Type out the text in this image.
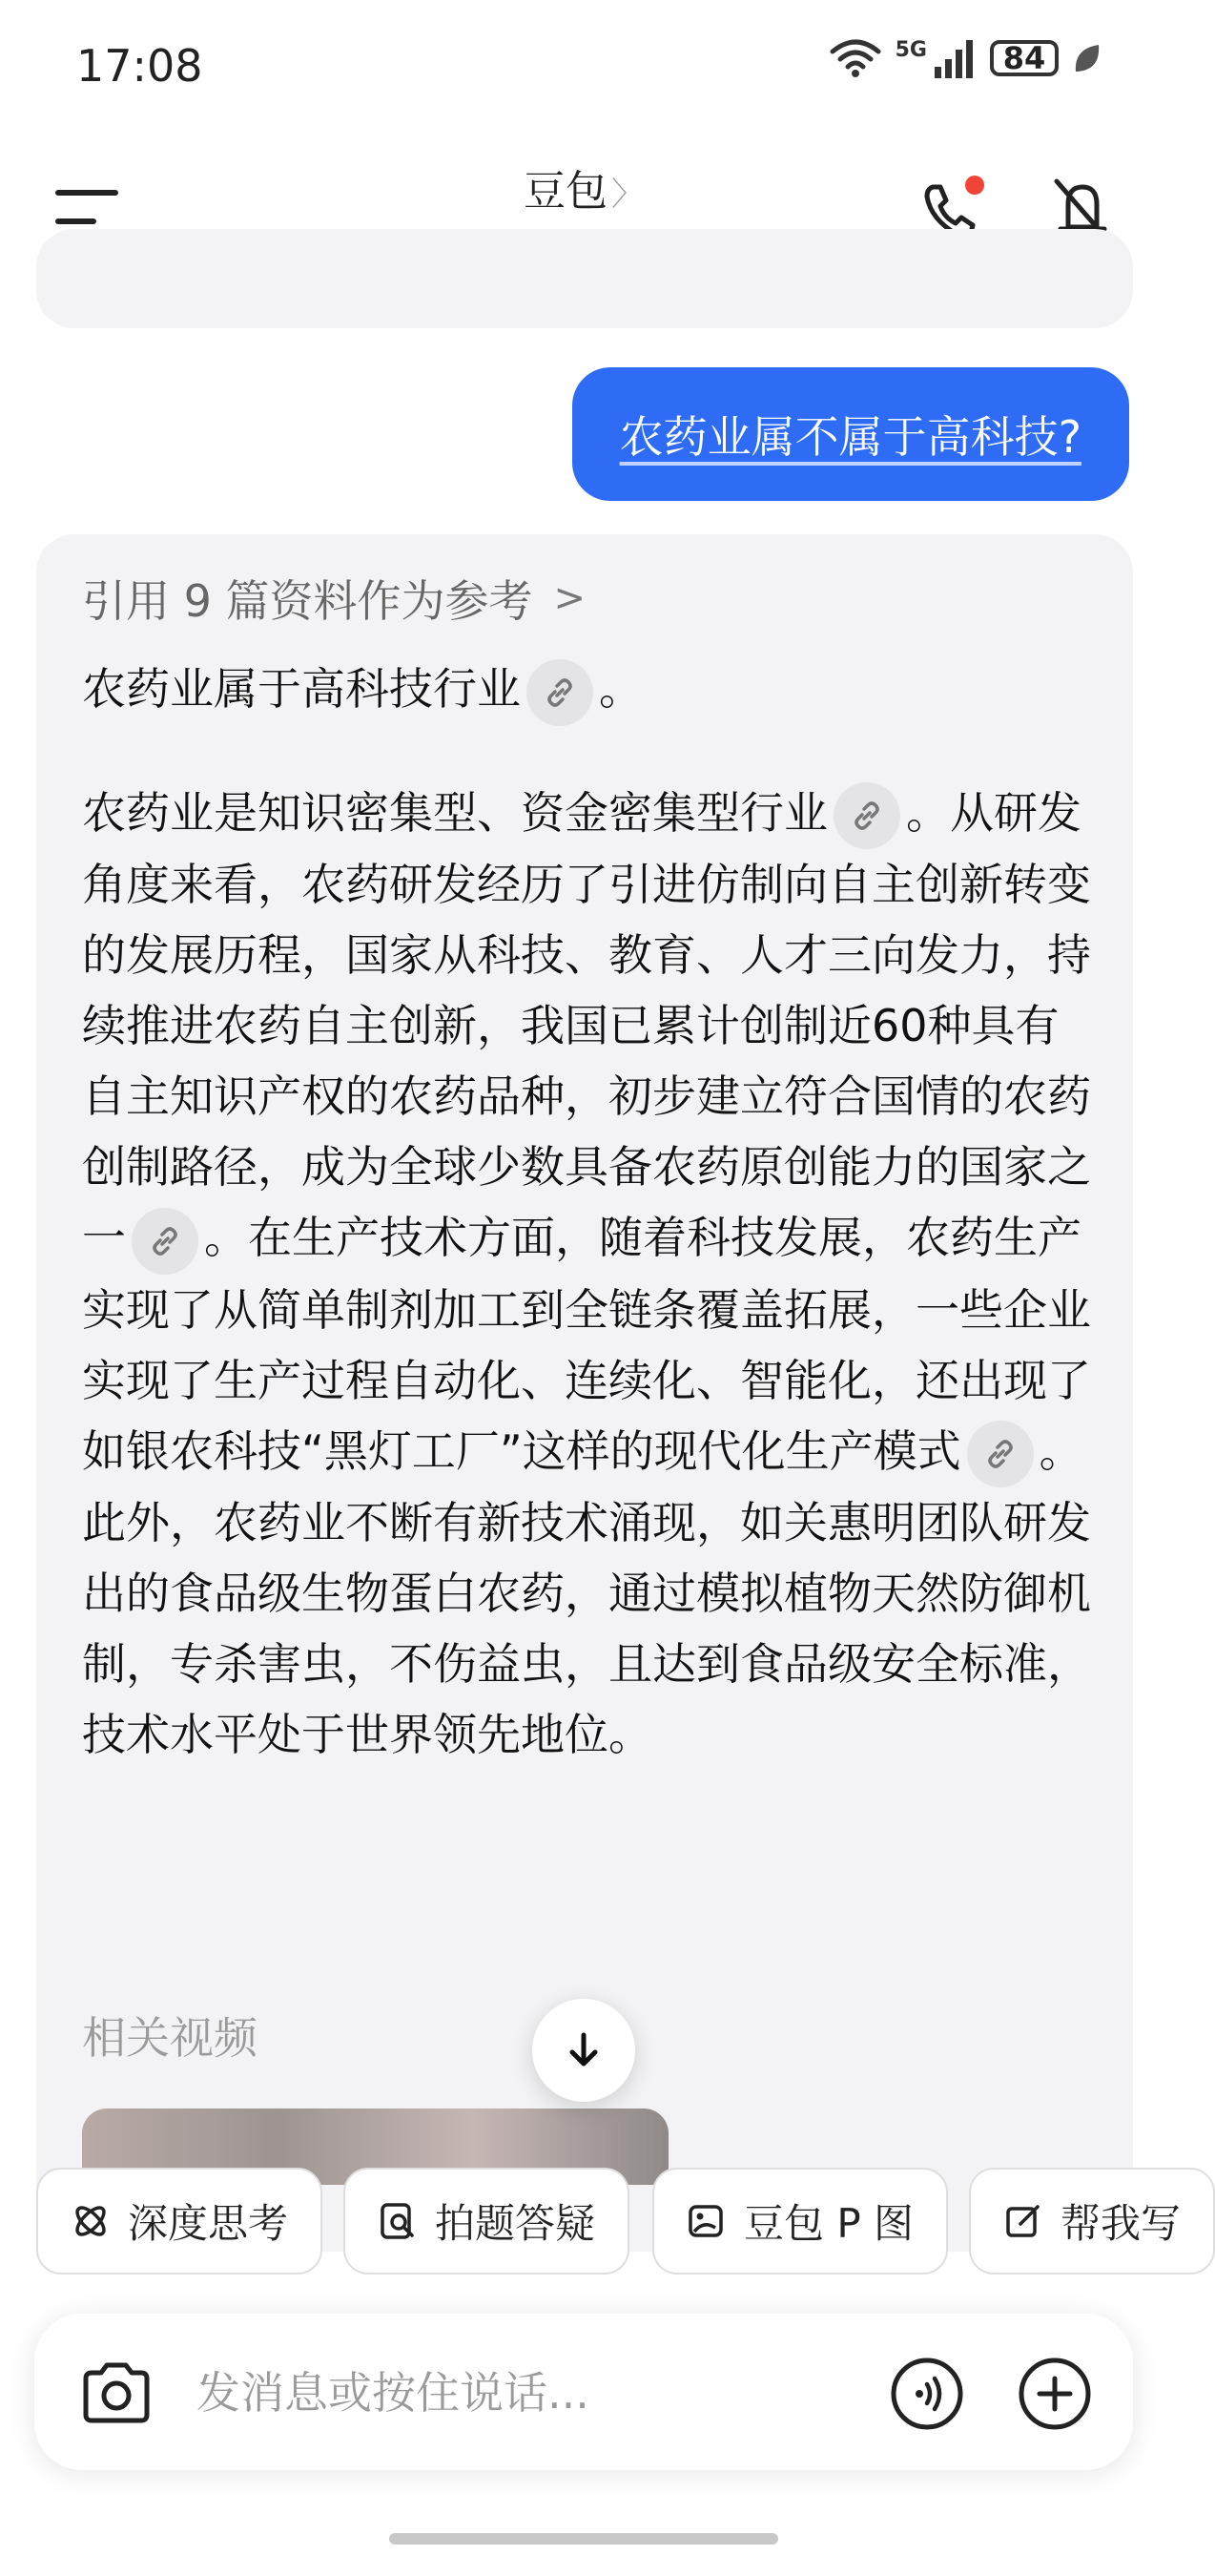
17:08	5G 84
豆包 〉
农药业属不属于高科技?
引用 9 篇资料作为参考 >

农药业属于高科技行业 。

农药业是知识密集型、资金密集型行业 。从研发角度来看，农药研发经历了引进仿制向自主创新转变的发展历程，国家从科技、教育、人才三向发力，持续推进农药自主创新，我国已累计创制近60种具有自主知识产权的农药品种，初步建立符合国情的农药创制路径，成为全球少数具备农药原创能力的国家之一 。在生产技术方面，随着科技发展，农药生产实现了从简单制剂加工到全链条覆盖拓展，一些企业实现了生产过程自动化、连续化、智能化，还出现了如银农科技“黑灯工厂”这样的现代化生产模式 。此外，农药业不断有新技术涌现，如关惠明团队研发出的食品级生物蛋白农药，通过模拟植物天然防御机制，专杀害虫，不伤益虫，且达到食品级安全标准，技术水平处于世界领先地位。

相关视频
深度思考	拍题答疑	豆包 P 图	帮我写
发消息或按住说话...
